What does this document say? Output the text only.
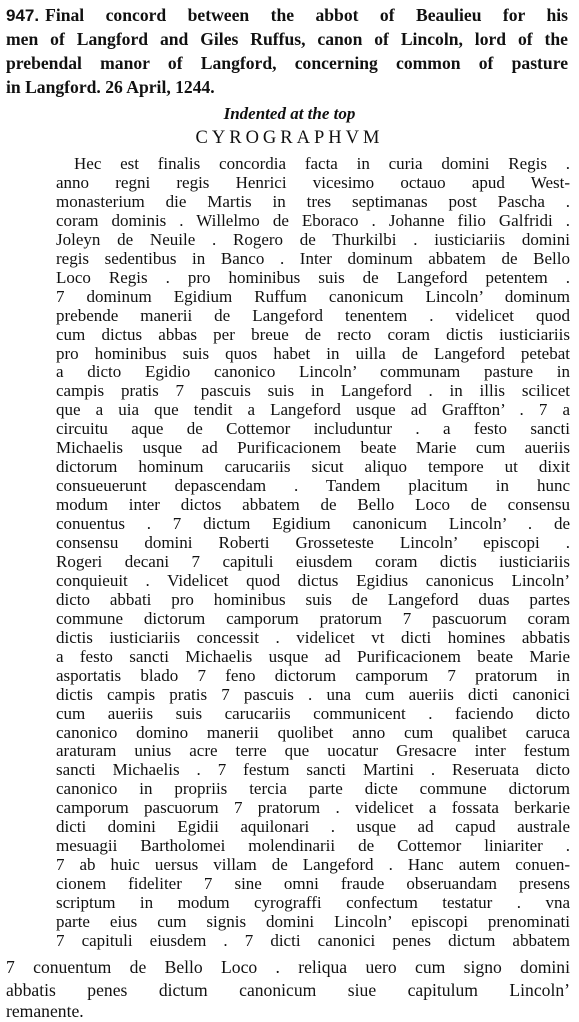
947. Final concord between the abbot of Beaulieu for his
men of Langford and Giles Ruffus, canon of Lincoln, lord of the
prebendal manor of Langford, concerning common of pasture
in Langford. 26 April, 1244.
Indented at the top
CYROGRAPHVM
Hec est finalis concordia facta in curia domini Regis .
anno regni regis Henrici vicesimo octauo apud West-
monasterium die Martis in tres septimanas post Pascha .
coram dominis . Willelmo de Eboraco . Johanne filio Galfridi .
Joleyn de Neuile . Rogero de Thurkilbi . iusticiariis domini
regis sedentibus in Banco . Inter dominum abbatem de Bello
Loco Regis . pro hominibus suis de Langeford petentem .
7 dominum Egidium Ruffum canonicum Lincoln’ dominum
prebende manerii de Langeford tenentem . videlicet quod
cum dictus abbas per breue de recto coram dictis iusticiariis
pro hominibus suis quos habet in uilla de Langeford petebat
a dicto Egidio canonico Lincoln’ communam pasture in
campis pratis 7 pascuis suis in Langeford . in illis scilicet
que a uia que tendit a Langeford usque ad Graffton’ . 7 a
circuitu aque de Cottemor includuntur . a festo sancti
Michaelis usque ad Purificacionem beate Marie cum aueriis
dictorum hominum carucariis sicut aliquo tempore ut dixit
consueuerunt depascendam . Tandem placitum in hunc
modum inter dictos abbatem de Bello Loco de consensu
conuentus . 7 dictum Egidium canonicum Lincoln’ . de
consensu domini Roberti Grosseteste Lincoln’ episcopi .
Rogeri decani 7 capituli eiusdem coram dictis iusticiariis
conquieuit . Videlicet quod dictus Egidius canonicus Lincoln’
dicto abbati pro hominibus suis de Langeford duas partes
commune dictorum camporum pratorum 7 pascuorum coram
dictis iusticiariis concessit . videlicet vt dicti homines abbatis
a festo sancti Michaelis usque ad Purificacionem beate Marie
asportatis blado 7 feno dictorum camporum 7 pratorum in
dictis campis pratis 7 pascuis . una cum aueriis dicti canonici
cum aueriis suis carucariis communicent . faciendo dicto
canonico domino manerii quolibet anno cum qualibet caruca
araturam unius acre terre que uocatur Gresacre inter festum
sancti Michaelis . 7 festum sancti Martini . Reseruata dicto
canonico in propriis tercia parte dicte commune dictorum
camporum pascuorum 7 pratorum . videlicet a fossata berkarie
dicti domini Egidii aquilonari . usque ad capud australe
mesuagii Bartholomei molendinarii de Cottemor liniariter .
7 ab huic uersus villam de Langeford . Hanc autem conuen-
cionem fideliter 7 sine omni fraude obseruandam presens
scriptum in modum cyrograffi confectum testatur . vna
parte eius cum signis domini Lincoln’ episcopi prenominati
7 capituli eiusdem . 7 dicti canonici penes dictum abbatem
7 conuentum de Bello Loco . reliqua uero cum signo domini
abbatis penes dictum canonicum siue capitulum Lincoln’
remanente.
